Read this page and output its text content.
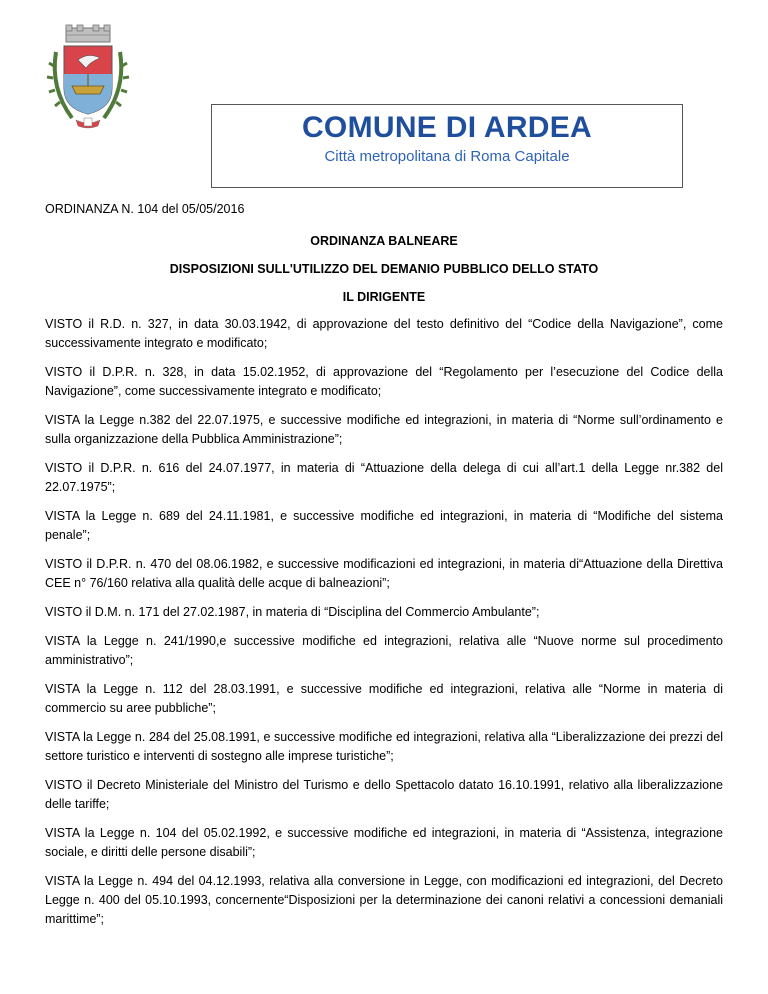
COMUNE DI ARDEA
Città metropolitana di Roma Capitale
ORDINANZA N. 104 del 05/05/2016
ORDINANZA BALNEARE
DISPOSIZIONI SULL'UTILIZZO DEL DEMANIO PUBBLICO DELLO STATO
IL DIRIGENTE

VISTO il R.D. n. 327, in data 30.03.1942, di approvazione del testo definitivo del “Codice della Navigazione”, come successivamente integrato e modificato;

VISTO il D.P.R. n. 328, in data 15.02.1952, di approvazione del “Regolamento per l’esecuzione del Codice della Navigazione”, come successivamente integrato e modificato;

VISTA la Legge n.382 del 22.07.1975, e successive modifiche ed integrazioni, in materia di “Norme sull’ordinamento e sulla organizzazione della Pubblica Amministrazione”;

VISTO il D.P.R. n. 616 del 24.07.1977, in materia di “Attuazione della delega di cui all’art.1 della Legge nr.382 del 22.07.1975”;

VISTA la Legge n. 689 del 24.11.1981, e successive modifiche ed integrazioni, in materia di “Modifiche del sistema penale”;

VISTO il D.P.R. n. 470 del 08.06.1982, e successive modificazioni ed integrazioni, in materia di“Attuazione della Direttiva CEE n° 76/160 relativa alla qualità delle acque di balneazioni”;

VISTO il D.M. n. 171 del 27.02.1987, in materia di “Disciplina del Commercio Ambulante”;

VISTA la Legge n. 241/1990,e successive modifiche ed integrazioni, relativa alle “Nuove norme sul procedimento amministrativo”;

VISTA la Legge n. 112 del 28.03.1991, e successive modifiche ed integrazioni, relativa alle “Norme in materia di commercio su aree pubbliche”;

VISTA la Legge n. 284 del 25.08.1991, e successive modifiche ed integrazioni, relativa alla “Liberalizzazione dei prezzi del settore turistico e interventi di sostegno alle imprese turistiche”;

VISTO il Decreto Ministeriale del Ministro del Turismo e dello Spettacolo datato 16.10.1991, relativo alla liberalizzazione delle tariffe;

VISTA la Legge n. 104 del 05.02.1992, e successive modifiche ed integrazioni, in materia di “Assistenza, integrazione sociale, e diritti delle persone disabili”;

VISTA la Legge n. 494 del 04.12.1993, relativa alla conversione in Legge, con modificazioni ed integrazioni, del Decreto Legge n. 400 del 05.10.1993, concernente“Disposizioni per la determinazione dei canoni relativi a concessioni demaniali marittime”;
